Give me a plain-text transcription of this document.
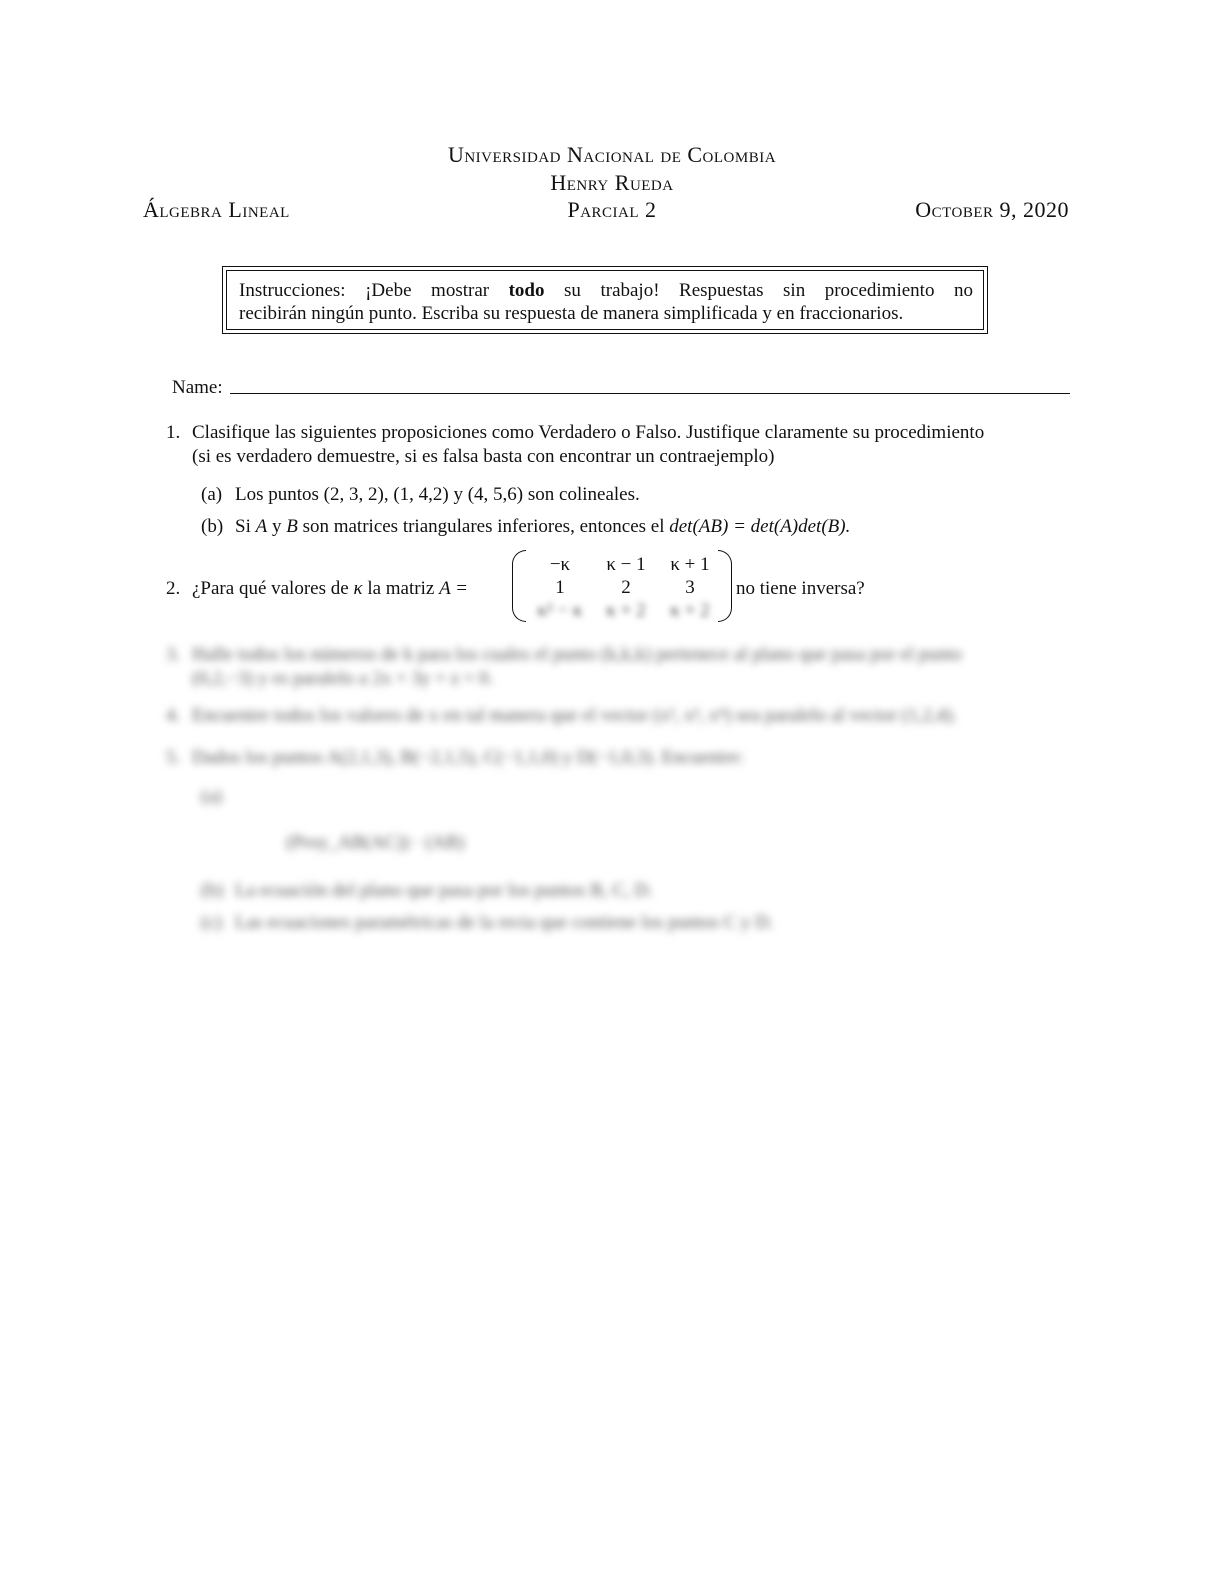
Universidad Nacional de Colombia
Henry Rueda
Álgebra Lineal	Parcial 2	October 9, 2020
Instrucciones: ¡Debe mostrar todo su trabajo! Respuestas sin procedimiento no
recibirán ningún punto. Escriba su respuesta de manera simplificada y en fraccionarios.
Name:
1. Clasifique las siguientes proposiciones como Verdadero o Falso. Justifique claramente su procedimiento
(si es verdadero demuestre, si es falsa basta con encontrar un contraejemplo)
(a) Los puntos (2, 3, 2), (1, 4,2) y (4, 5,6) son colineales.
(b) Si A y B son matrices triangulares inferiores, entonces el det(AB) = det(A)det(B).
2. ¿Para qué valores de κ la matriz A =
−κ	κ − 1	κ + 1
1	2	3
κ² − κ	κ + 2	κ + 2
no tiene inversa?
3. Halle todos los números de k para los cuales el punto (k,k,k) pertenece al plano que pasa por el punto
(0,2,−3) y es paralelo a 2x + 3y + z = 0.
4. Encuentre todos los valores de x en tal manera que el vector (x², x³, x⁴) sea paralelo al vector (1,2,4).
5. Dados los puntos A(2,1,3), B(−2,1,5), C(−1,1,0) y D(−1,0,3). Encuentre:
(a)
(Proy_AB(AC)) · (AB)
(b) La ecuación del plano que pasa por los puntos B, C, D.
(c) Las ecuaciones paramétricas de la recta que contiene los puntos C y D.
